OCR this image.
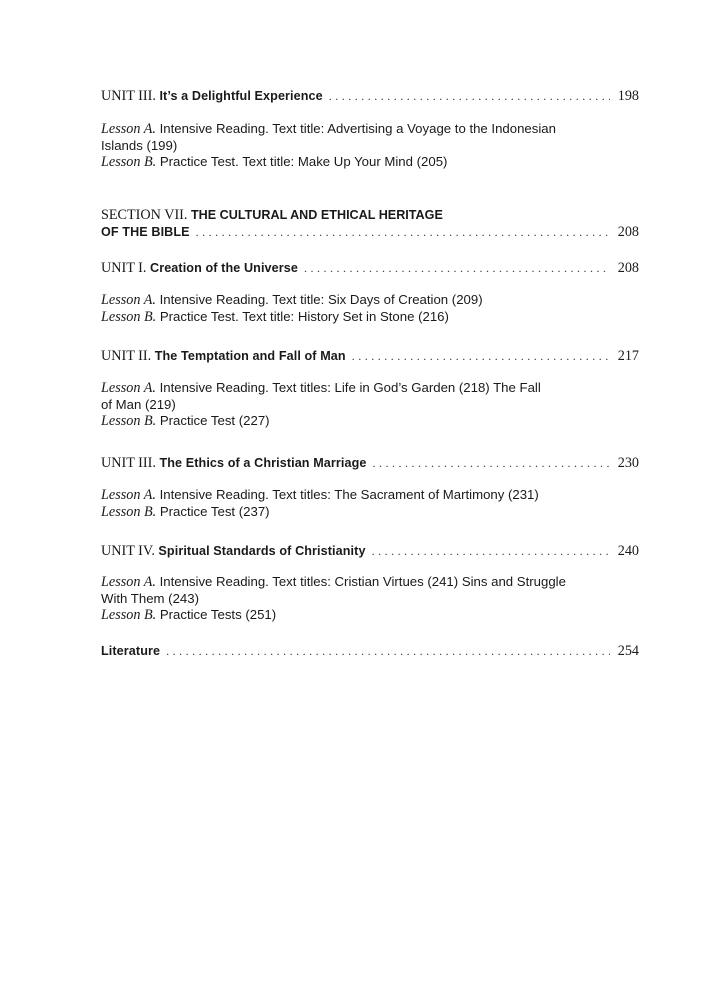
UNIT III. It’s a Delightful Experience . . .	198
Lesson A. Intensive Reading. Text title: Advertising a Voyage to the Indonesian
Islands (199)
Lesson B. Practice Test. Text title: Make Up Your Mind (205)
SECTION VII. THE CULTURAL AND ETHICAL HERITAGE
OF THE BIBLE . . .	208
UNIT I. Creation of the Universe . . .	208
Lesson A. Intensive Reading. Text title: Six Days of Creation (209)
Lesson B. Practice Test. Text title: History Set in Stone (216)
UNIT II. The Temptation and Fall of Man . . .	217
Lesson A. Intensive Reading. Text titles: Life in God’s Garden (218) The Fall
of Man (219)
Lesson B. Practice Test (227)
UNIT III. The Ethics of a Christian Marriage . . .	230
Lesson A. Intensive Reading. Text titles: The Sacrament of Martimony (231)
Lesson B. Practice Test (237)
UNIT IV. Spiritual Standards of Christianity . . .	240
Lesson A. Intensive Reading. Text titles: Cristian Virtues (241) Sins and Struggle
With Them (243)
Lesson B. Practice Tests (251)
Literature . . .	254
